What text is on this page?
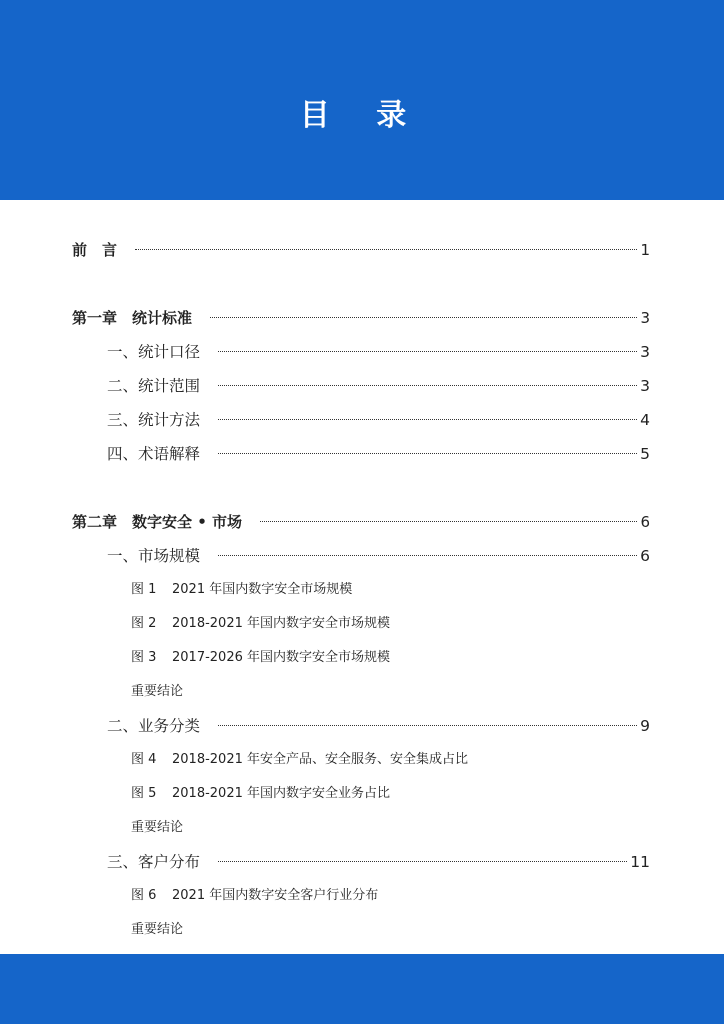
目 录
前　言	1
第一章　统计标准	3
一、统计口径	3
二、统计范围	3
三、统计方法	4
四、术语解释	5
第二章　数字安全 • 市场	6
一、市场规模	6
图 1 2021 年国内数字安全市场规模
图 2 2018-2021 年国内数字安全市场规模
图 3 2017-2026 年国内数字安全市场规模
重要结论
二、业务分类	9
图 4 2018-2021 年安全产品、安全服务、安全集成占比
图 5 2018-2021 年国内数字安全业务占比
重要结论
三、客户分布	11
图 6 2021 年国内数字安全客户行业分布
重要结论
